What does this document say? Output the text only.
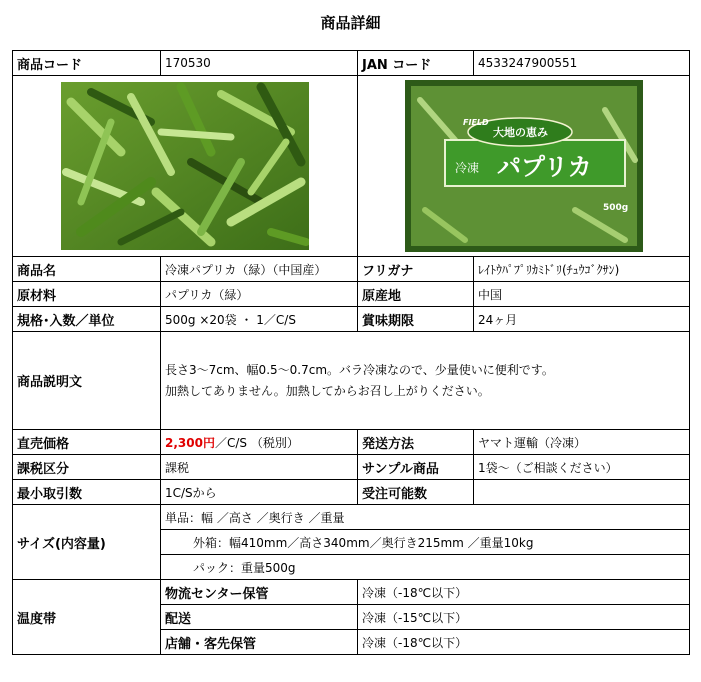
商品詳細
商品コード	170530	JAN コード	4533247900551

FIELD
大地の恵み
冷凍 パプリカ
500g	

商品名	冷凍パプリカ（緑）（中国産）	フリガナ	ﾚｲﾄｳﾊﾟﾌﾟﾘｶﾐﾄﾞﾘ(ﾁｭｳｺﾞｸｻﾝ)
原材料	パプリカ（緑）	原産地	中国
規格･入数／単位	500g ×20袋 ・ 1／C/S	賞味期限	24ヶ月
商品説明文	長さ3～7cm、幅0.5～0.7cm。バラ冷凍なので、少量使いに便利です。
加熱してありません。加熱してからお召し上がりください。		

直売価格	2,300円／C/S （税別）	発送方法	ヤマト運輸（冷凍）
課税区分	課税	サンプル商品	1袋～（ご相談ください）
最小取引数	1C/Sから	受注可能数	
サイズ(内容量)	単品：幅 ／高さ ／奥行き ／重量		
	外箱：幅410mm／高さ340mm／奥行き215mm ／重量10kg		
	パック：重量500g		
温度帯	物流センター保管	冷凍（-18℃以下）	
	配送	冷凍（-15℃以下）	
	店舗・客先保管	冷凍（-18℃以下）	
